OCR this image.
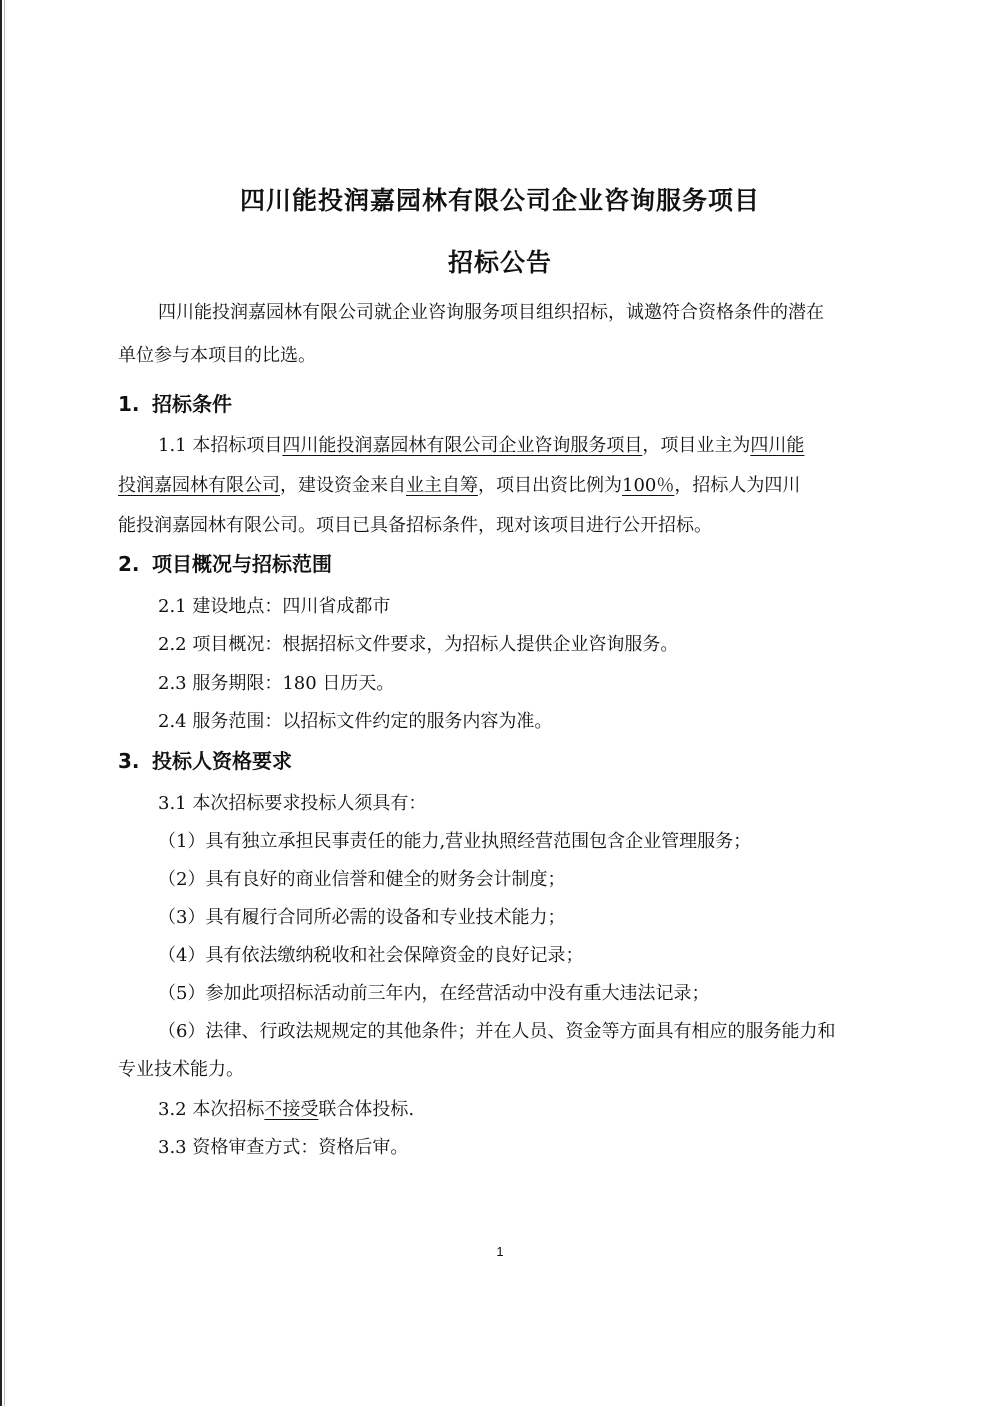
四川能投润嘉园林有限公司企业咨询服务项目
招标公告
四川能投润嘉园林有限公司就企业咨询服务项目组织招标，诚邀符合资格条件的潜在
单位参与本项目的比选。
1. 招标条件
1.1 本招标项目四川能投润嘉园林有限公司企业咨询服务项目，项目业主为四川能
投润嘉园林有限公司，建设资金来自业主自筹，项目出资比例为100％，招标人为四川
能投润嘉园林有限公司。项目已具备招标条件，现对该项目进行公开招标。
2. 项目概况与招标范围
2.1 建设地点：四川省成都市
2.2 项目概况：根据招标文件要求，为招标人提供企业咨询服务。
2.3 服务期限：180 日历天。
2.4 服务范围：以招标文件约定的服务内容为准。
3. 投标人资格要求
3.1 本次招标要求投标人须具有：
（1）具有独立承担民事责任的能力,营业执照经营范围包含企业管理服务；
（2）具有良好的商业信誉和健全的财务会计制度；
（3）具有履行合同所必需的设备和专业技术能力；
（4）具有依法缴纳税收和社会保障资金的良好记录；
（5）参加此项招标活动前三年内，在经营活动中没有重大违法记录；
（6）法律、行政法规规定的其他条件；并在人员、资金等方面具有相应的服务能力和
专业技术能力。
3.2 本次招标不接受联合体投标.
3.3 资格审查方式：资格后审。
1
